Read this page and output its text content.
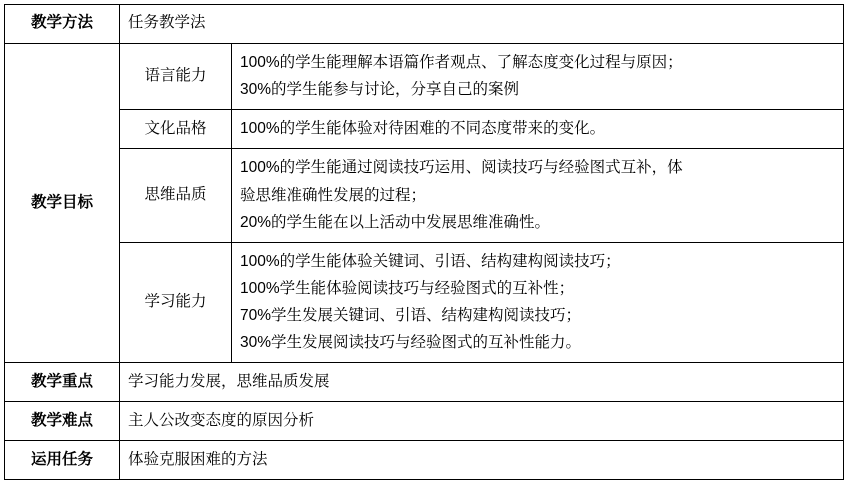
教学方法	任务教学法	
教学目标	语言能力	100%的学生能理解本语篇作者观点、了解态度变化过程与原因；

30%的学生能参与讨论，分享自己的案例

	文化品格	100%的学生能体验对待困难的不同态度带来的变化。

	思维品质	100%的学生能通过阅读技巧运用、阅读技巧与经验图式互补，体

验思维准确性发展的过程；

20%的学生能在以上活动中发展思维准确性。

	学习能力	100%的学生能体验关键词、引语、结构建构阅读技巧；

100%学生能体验阅读技巧与经验图式的互补性；

70%学生发展关键词、引语、结构建构阅读技巧；

30%学生发展阅读技巧与经验图式的互补性能力。

教学重点	学习能力发展，思维品质发展	
教学难点	主人公改变态度的原因分析	
运用任务	体验克服困难的方法	
